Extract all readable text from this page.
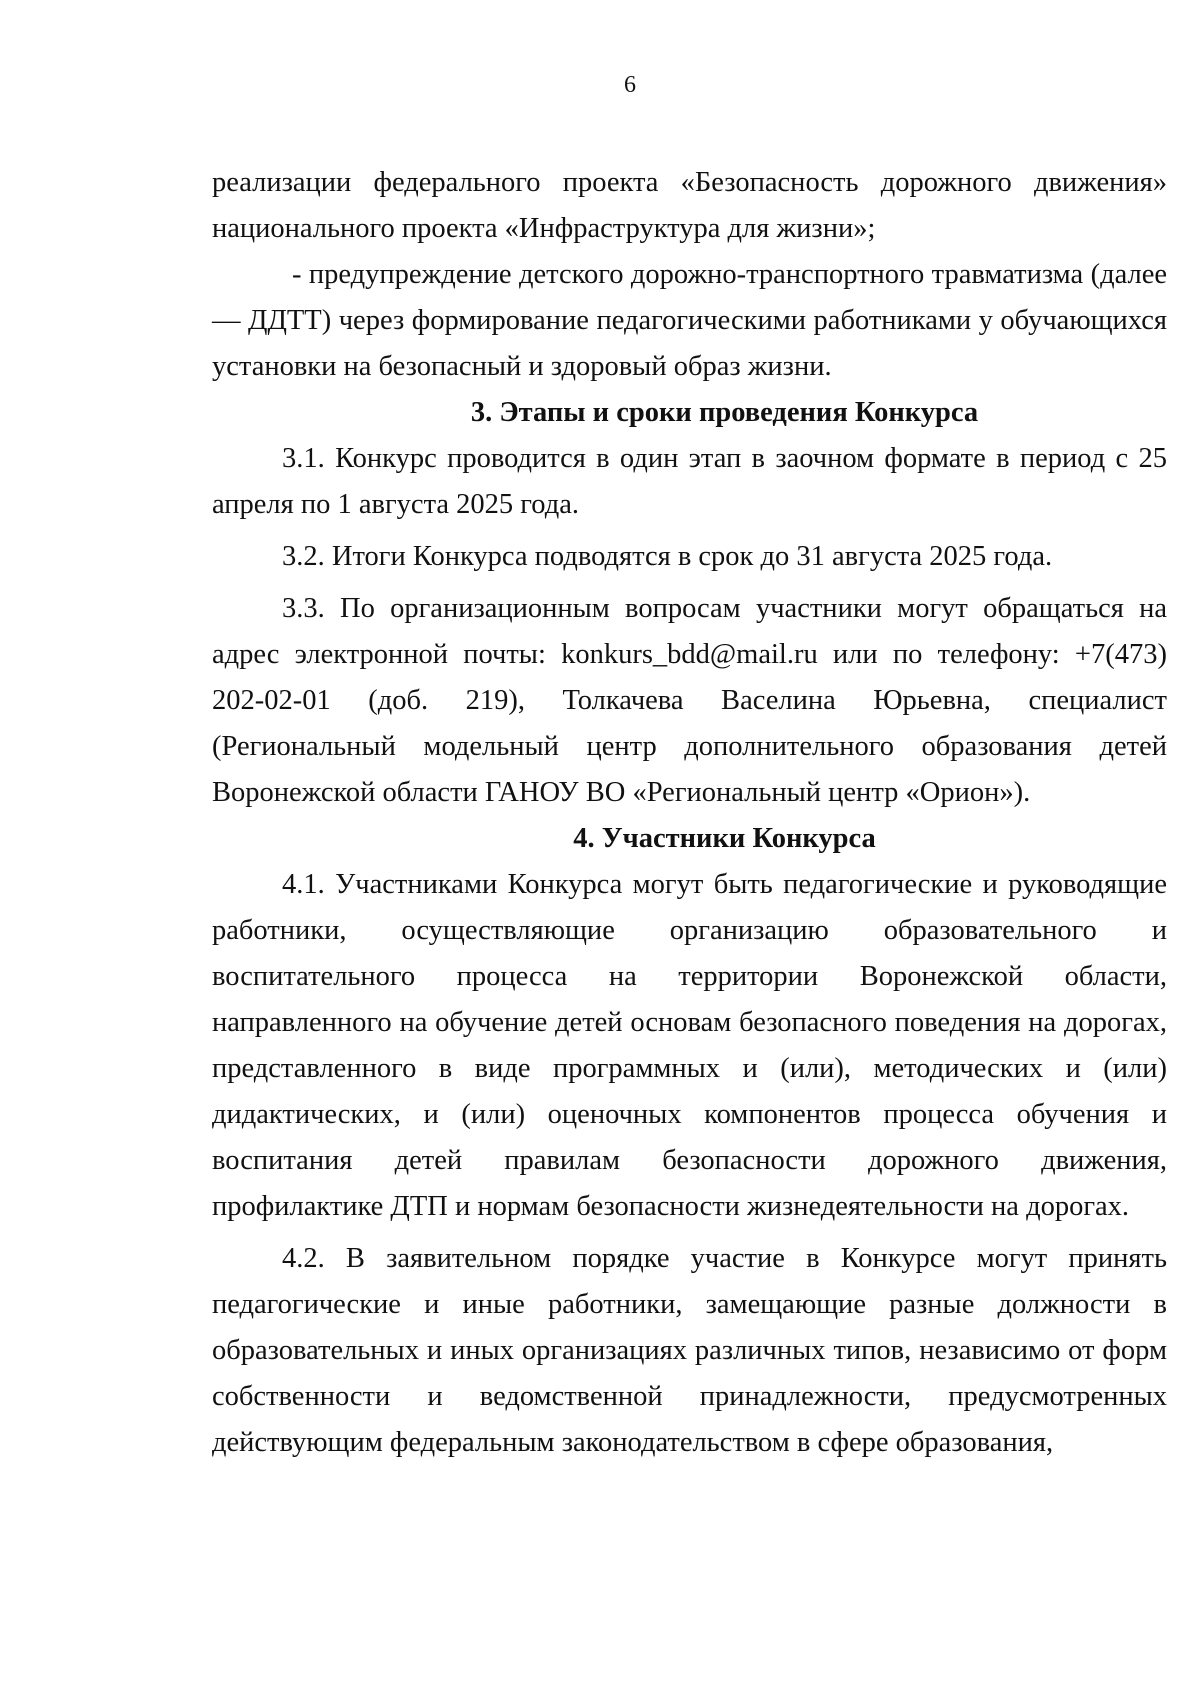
6

реализации федерального проекта «Безопасность дорожного движения» национального проекта «Инфраструктура для жизни»;

- предупреждение детского дорожно-транспортного травматизма (далее — ДДТТ) через формирование педагогическими работниками у обучающихся установки на безопасный и здоровый образ жизни.

3. Этапы и сроки проведения Конкурса

3.1. Конкурс проводится в один этап в заочном формате в период с 25 апреля по 1 августа 2025 года.

3.2. Итоги Конкурса подводятся в срок до 31 августа 2025 года.

3.3. По организационным вопросам участники могут обращаться на адрес электронной почты: konkurs_bdd@mail.ru или по телефону: +7(473) 202-02-01 (доб. 219), Толкачева Васелина Юрьевна, специалист (Региональный модельный центр дополнительного образования детей Воронежской области ГАНОУ ВО «Региональный центр «Орион»).

4. Участники Конкурса

4.1. Участниками Конкурса могут быть педагогические и руководящие работники, осуществляющие организацию образовательного и воспитательного процесса на территории Воронежской области, направленного на обучение детей основам безопасного поведения на дорогах, представленного в виде программных и (или), методических и (или) дидактических, и (или) оценочных компонентов процесса обучения и воспитания детей правилам безопасности дорожного движения, профилактике ДТП и нормам безопасности жизнедеятельности на дорогах.

4.2. В заявительном порядке участие в Конкурсе могут принять педагогические и иные работники, замещающие разные должности в образовательных и иных организациях различных типов, независимо от форм собственности и ведомственной принадлежности, предусмотренных действующим федеральным законодательством в сфере образования,
